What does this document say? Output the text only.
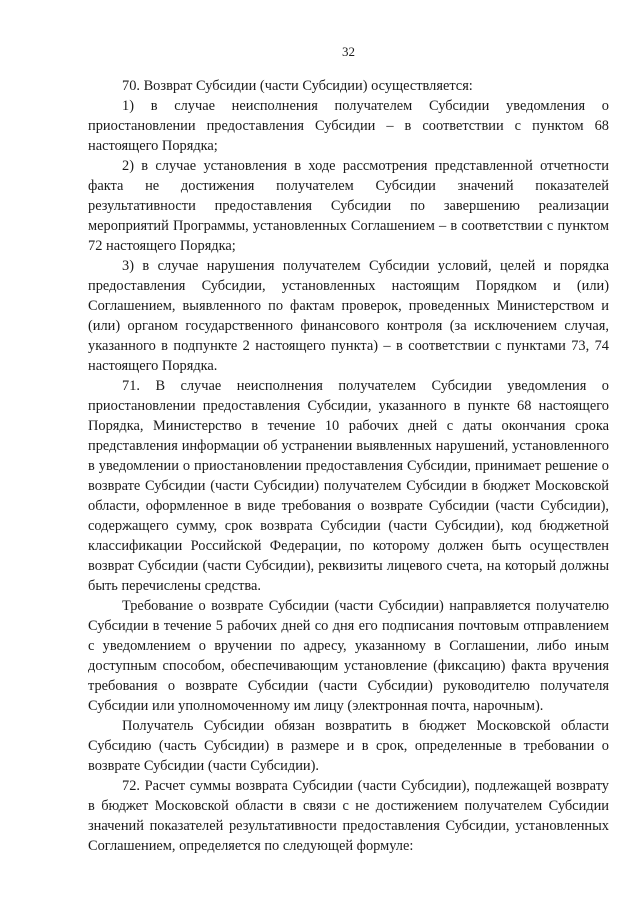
32

70. Возврат Субсидии (части Субсидии) осуществляется:

1) в случае неисполнения получателем Субсидии уведомления о приостановлении предоставления Субсидии – в соответствии с пунктом 68 настоящего Порядка;

2) в случае установления в ходе рассмотрения представленной отчетности факта не достижения получателем Субсидии значений показателей результативности предоставления Субсидии по завершению реализации мероприятий Программы, установленных Соглашением – в соответствии с пунктом 72 настоящего Порядка;

3) в случае нарушения получателем Субсидии условий, целей и порядка предоставления Субсидии, установленных настоящим Порядком и (или) Соглашением, выявленного по фактам проверок, проведенных Министерством и (или) органом государственного финансового контроля (за исключением случая, указанного в подпункте 2 настоящего пункта) – в соответствии с пунктами 73, 74 настоящего Порядка.

71. В случае неисполнения получателем Субсидии уведомления о приостановлении предоставления Субсидии, указанного в пункте 68 настоящего Порядка, Министерство в течение 10 рабочих дней с даты окончания срока представления информации об устранении выявленных нарушений, установленного в уведомлении о приостановлении предоставления Субсидии, принимает решение о возврате Субсидии (части Субсидии) получателем Субсидии в бюджет Московской области, оформленное в виде требования о возврате Субсидии (части Субсидии), содержащего сумму, срок возврата Субсидии (части Субсидии), код бюджетной классификации Российской Федерации, по которому должен быть осуществлен возврат Субсидии (части Субсидии), реквизиты лицевого счета, на который должны быть перечислены средства.

Требование о возврате Субсидии (части Субсидии) направляется получателю Субсидии в течение 5 рабочих дней со дня его подписания почтовым отправлением с уведомлением о вручении по адресу, указанному в Соглашении, либо иным доступным способом, обеспечивающим установление (фиксацию) факта вручения требования о возврате Субсидии (части Субсидии) руководителю получателя Субсидии или уполномоченному им лицу (электронная почта, нарочным).

Получатель Субсидии обязан возвратить в бюджет Московской области Субсидию (часть Субсидии) в размере и в срок, определенные в требовании о возврате Субсидии (части Субсидии).

72. Расчет суммы возврата Субсидии (части Субсидии), подлежащей возврату в бюджет Московской области в связи с не достижением получателем Субсидии значений показателей результативности предоставления Субсидии, установленных Соглашением, определяется по следующей формуле:
